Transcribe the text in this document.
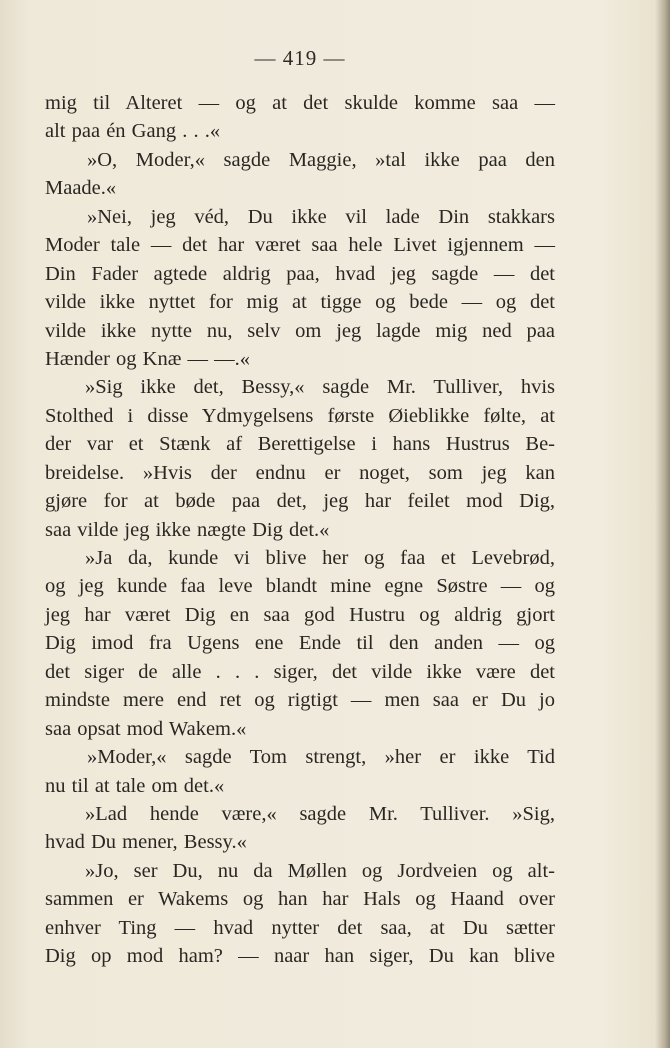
— 419 —
mig til Alteret — og at det skulde komme saa —
alt paa én Gang . . .«
»O, Moder,« sagde Maggie, »tal ikke paa den
Maade.«
»Nei, jeg véd, Du ikke vil lade Din stakkars
Moder tale — det har været saa hele Livet igjennem —
Din Fader agtede aldrig paa, hvad jeg sagde — det
vilde ikke nyttet for mig at tigge og bede — og det
vilde ikke nytte nu, selv om jeg lagde mig ned paa
Hænder og Knæ — —.«
»Sig ikke det, Bessy,« sagde Mr. Tulliver, hvis
Stolthed i disse Ydmygelsens første Øieblikke følte, at
der var et Stænk af Berettigelse i hans Hustrus Be-
breidelse. »Hvis der endnu er noget, som jeg kan
gjøre for at bøde paa det, jeg har feilet mod Dig,
saa vilde jeg ikke nægte Dig det.«
»Ja da, kunde vi blive her og faa et Levebrød,
og jeg kunde faa leve blandt mine egne Søstre — og
jeg har været Dig en saa god Hustru og aldrig gjort
Dig imod fra Ugens ene Ende til den anden — og
det siger de alle . . . siger, det vilde ikke være det
mindste mere end ret og rigtigt — men saa er Du jo
saa opsat mod Wakem.«
»Moder,« sagde Tom strengt, »her er ikke Tid
nu til at tale om det.«
»Lad hende være,« sagde Mr. Tulliver. »Sig,
hvad Du mener, Bessy.«
»Jo, ser Du, nu da Møllen og Jordveien og alt-
sammen er Wakems og han har Hals og Haand over
enhver Ting — hvad nytter det saa, at Du sætter
Dig op mod ham? — naar han siger, Du kan blive
